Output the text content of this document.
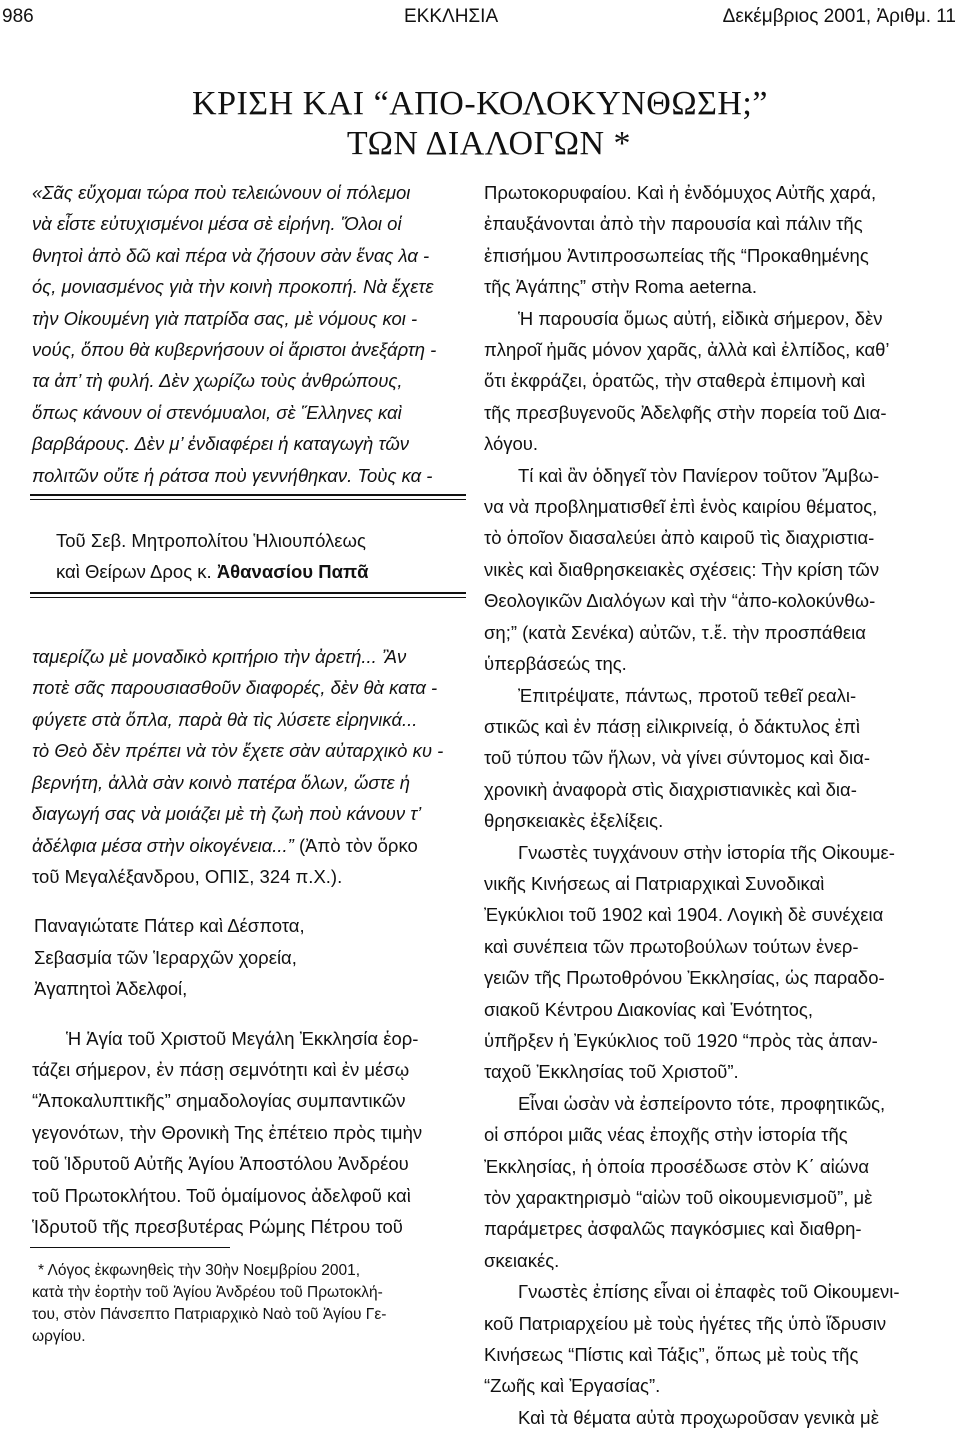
986	ΕΚΚΛΗΣΙΑ	Δεκέμβριος 2001, Ἀριθμ. 11
ΚΡΙΣΗ ΚΑΙ “ΑΠΟ-ΚΟΛΟΚΥΝΘΩΣΗ;”
ΤΩΝ ΔΙΑΛΟΓΩΝ *
«Σᾶς εὔχομαι τώρα ποὺ τελειώνουν οἱ πόλεμοι
νὰ εἶστε εὐτυχισμένοι μέσα σὲ εἰρήνη. Ὅλοι οἱ
θνητοὶ ἀπὸ δῶ καὶ πέρα νὰ ζήσουν σὰν ἕνας λα -
ός, μονιασμένος γιὰ τὴν κοινὴ προκοπή. Νὰ ἔχετε
τὴν Οἰκουμένη γιὰ πατρίδα σας, μὲ νόμους κοι -
νούς, ὅπου θὰ κυβερνήσουν οἱ ἄριστοι ἀνεξάρτη -
τα ἀπ’ τὴ φυλή. Δὲν χωρίζω τοὺς ἀνθρώπους,
ὅπως κάνουν οἱ στενόμυαλοι, σὲ Ἕλληνες καὶ
βαρβάρους. Δὲν μ’ ἐνδιαφέρει ἡ καταγωγὴ τῶν
πολιτῶν οὔτε ἡ ράτσα ποὺ γεννήθηκαν. Τοὺς κα -
ταμερίζω μὲ μοναδικὸ κριτήριο τὴν ἀρετή... Ἂν
ποτὲ σᾶς παρουσιασθοῦν διαφορές, δὲν θὰ κατα -
φύγετε στὰ ὅπλα, παρὰ θὰ τὶς λύσετε εἰρηνικά...
τὸ Θεὸ δὲν πρέπει νὰ τὸν ἔχετε σὰν αὐταρχικὸ κυ -
βερνήτη, ἀλλὰ σὰν κοινὸ πατέρα ὅλων, ὥστε ἡ
διαγωγή σας νὰ μοιάζει μὲ τὴ ζωὴ ποὺ κάνουν τ’
ἀδέλφια μέσα στὴν οἰκογένεια...” (Ἀπὸ τὸν ὅρκο
τοῦ Μεγαλέξανδρου, ΟΠΙΣ, 324 π.Χ.).
Παναγιώτατε Πάτερ καὶ Δέσποτα,
Σεβασμία τῶν Ἱεραρχῶν χορεία,
Ἀγαπητοὶ Ἀδελφοί,
Ἡ Ἁγία τοῦ Χριστοῦ Μεγάλη Ἐκκλησία ἑορ-
τάζει σήμερον, ἐν πάσῃ σεμνότητι καὶ ἐν μέσῳ
“Ἀποκαλυπτικῆς” σημαδολογίας συμπαντικῶν
γεγονότων, τὴν Θρονικὴ Της ἐπέτειο πρὸς τιμὴν
τοῦ Ἱδρυτοῦ Αὐτῆς Ἁγίου Ἀποστόλου Ἀνδρέου
τοῦ Πρωτοκλήτου. Τοῦ ὁμαίμονος ἀδελφοῦ καὶ
Ἱδρυτοῦ τῆς πρεσβυτέρας Ρώμης Πέτρου τοῦ
Τοῦ Σεβ. Μητροπολίτου Ἡλιουπόλεως
καὶ Θείρων Δρος κ. Ἀθανασίου Παπᾶ
* Λόγος ἐκφωνηθεὶς τὴν 30ὴν Νοεμβρίου 2001,
κατὰ τὴν ἑορτὴν τοῦ Ἁγίου Ἀνδρέου τοῦ Πρωτοκλή-
του, στὸν Πάνσεπτο Πατριαρχικὸ Ναὸ τοῦ Ἁγίου Γε-
ωργίου.
Πρωτοκορυφαίου. Καὶ ἡ ἐνδόμυχος Αὐτῆς χαρά,
ἐπαυξάνονται ἀπὸ τὴν παρουσία καὶ πάλιν τῆς
ἐπισήμου Ἀντιπροσωπείας τῆς “Προκαθημένης
τῆς Ἀγάπης” στὴν Roma aeterna.
Ἡ παρουσία ὅμως αὐτή, εἰδικὰ σήμερον, δὲν
πληροῖ ἡμᾶς μόνον χαρᾶς, ἀλλὰ καὶ ἐλπίδος, καθ’
ὅτι ἐκφράζει, ὁρατῶς, τὴν σταθερὰ ἐπιμονὴ καὶ
τῆς πρεσβυγενοῦς Ἀδελφῆς στὴν πορεία τοῦ Δια-
λόγου.
Τί καὶ ἂν ὁδηγεῖ τὸν Πανίερον τοῦτον Ἄμβω-
να νὰ προβληματισθεῖ ἐπὶ ἑνὸς καιρίου θέματος,
τὸ ὁποῖον διασαλεύει ἀπὸ καιροῦ τὶς διαχριστια-
νικὲς καὶ διαθρησκειακὲς σχέσεις: Τὴν κρίση τῶν
Θεολογικῶν Διαλόγων καὶ τὴν “ἀπο-κολοκύνθω-
ση;” (κατὰ Σενέκα) αὐτῶν, τ.ἔ. τὴν προσπάθεια
ὑπερβάσεώς της.
Ἐπιτρέψατε, πάντως, προτοῦ τεθεῖ ρεαλι-
στικῶς καὶ ἐν πάσῃ εἰλικρινείᾳ, ὁ δάκτυλος ἐπὶ
τοῦ τύπου τῶν ἥλων, νὰ γίνει σύντομος καὶ δια-
χρονικὴ ἀναφορὰ στὶς διαχριστιανικὲς καὶ δια-
θρησκειακὲς ἐξελίξεις.
Γνωστὲς τυγχάνουν στὴν ἱστορία τῆς Οἰκουμε-
νικῆς Κινήσεως αἱ Πατριαρχικαὶ Συνοδικαὶ
Ἐγκύκλιοι τοῦ 1902 καὶ 1904. Λογικὴ δὲ συνέχεια
καὶ συνέπεια τῶν πρωτοβούλων τούτων ἐνερ-
γειῶν τῆς Πρωτοθρόνου Ἐκκλησίας, ὡς παραδο-
σιακοῦ Κέντρου Διακονίας καὶ Ἑνότητος,
ὑπῆρξεν ἡ Ἐγκύκλιος τοῦ 1920 “πρὸς τὰς ἁπαν-
ταχοῦ Ἐκκλησίας τοῦ Χριστοῦ”.
Εἶναι ὡσὰν νὰ ἐσπείροντο τότε, προφητικῶς,
οἱ σπόροι μιᾶς νέας ἐποχῆς στὴν ἱστορία τῆς
Ἐκκλησίας, ἡ ὁποία προσέδωσε στὸν Κ΄ αἰώνα
τὸν χαρακτηρισμὸ “αἰὼν τοῦ οἰκουμενισμοῦ”, μὲ
παράμετρες ἀσφαλῶς παγκόσμιες καὶ διαθρη-
σκειακές.
Γνωστὲς ἐπίσης εἶναι οἱ ἐπαφὲς τοῦ Οἰκουμενι-
κοῦ Πατριαρχείου μὲ τοὺς ἡγέτες τῆς ὑπὸ ἵδρυσιν
Κινήσεως “Πίστις καὶ Τάξις”, ὅπως μὲ τοὺς τῆς
“Ζωῆς καὶ Ἐργασίας”.
Καὶ τὰ θέματα αὐτὰ προχωροῦσαν γενικὰ μὲ
